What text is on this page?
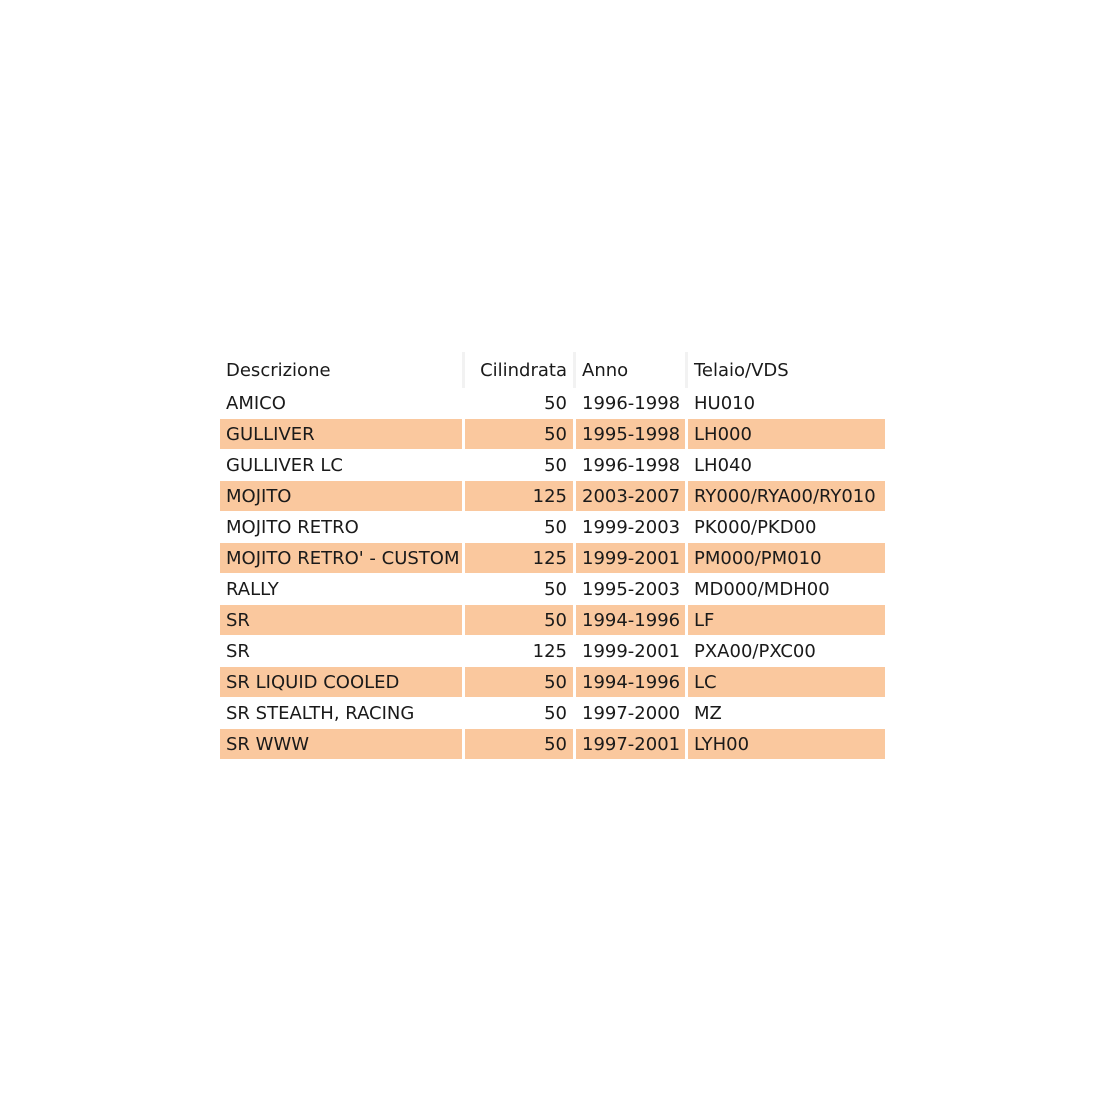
Descrizione	Cilindrata	Anno	Telaio/VDS
AMICO	50	1996-1998	HU010
GULLIVER	50	1995-1998	LH000
GULLIVER LC	50	1996-1998	LH040
MOJITO	125	2003-2007	RY000/RYA00/RY010
MOJITO RETRO	50	1999-2003	PK000/PKD00
MOJITO RETRO' - CUSTOM	125	1999-2001	PM000/PM010
RALLY	50	1995-2003	MD000/MDH00
SR	50	1994-1996	LF
SR	125	1999-2001	PXA00/PXC00
SR LIQUID COOLED	50	1994-1996	LC
SR STEALTH, RACING	50	1997-2000	MZ
SR WWW	50	1997-2001	LYH00
